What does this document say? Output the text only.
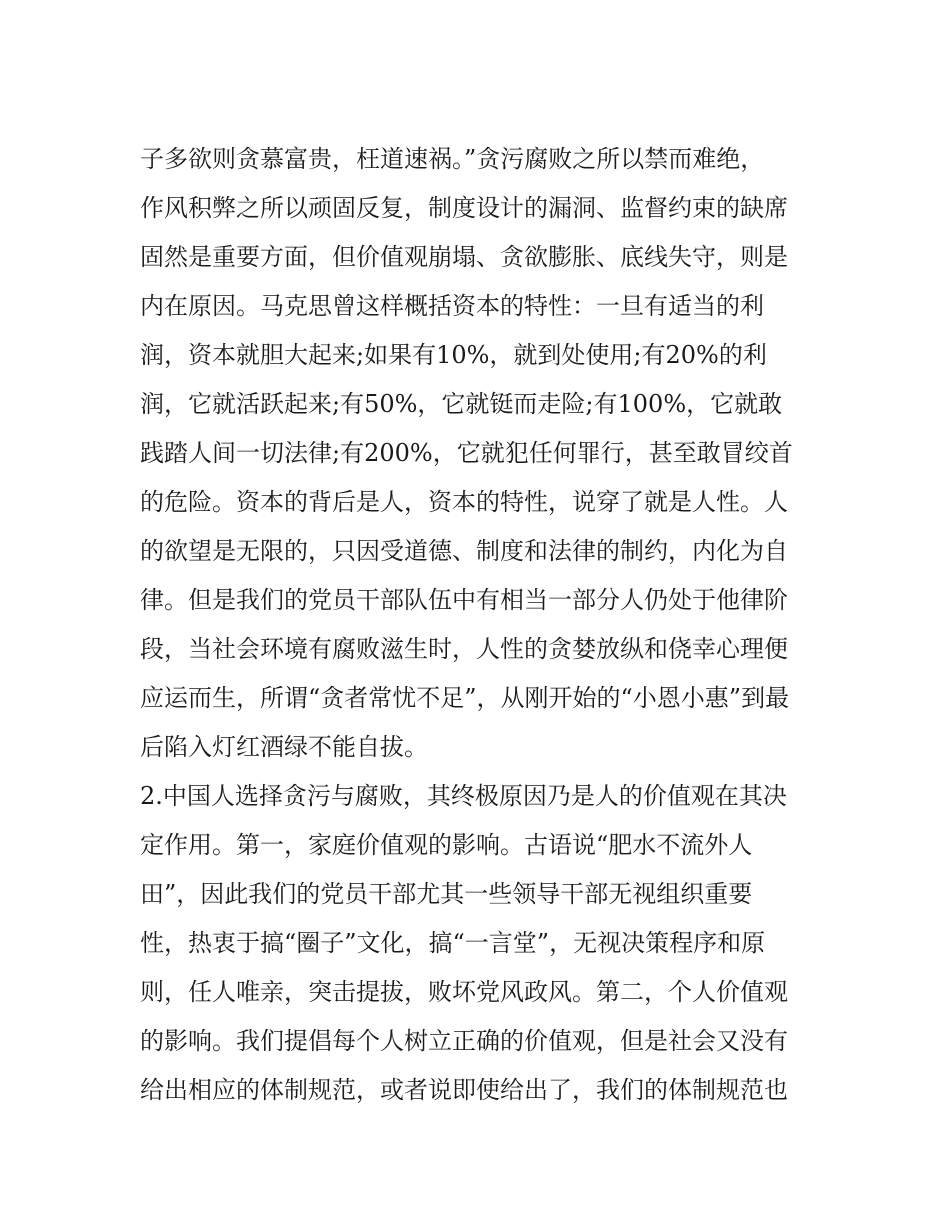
子多欲则贪慕富贵，枉道速祸。”贪污腐败之所以禁而难绝，
作风积弊之所以顽固反复，制度设计的漏洞、监督约束的缺席
固然是重要方面，但价值观崩塌、贪欲膨胀、底线失守，则是
内在原因。马克思曾这样概括资本的特性：一旦有适当的利
润，资本就胆大起来;如果有10%，就到处使用;有20%的利
润，它就活跃起来;有50%，它就铤而走险;有100%，它就敢
践踏人间一切法律;有200%，它就犯任何罪行，甚至敢冒绞首
的危险。资本的背后是人，资本的特性，说穿了就是人性。人
的欲望是无限的，只因受道德、制度和法律的制约，内化为自
律。但是我们的党员干部队伍中有相当一部分人仍处于他律阶
段，当社会环境有腐败滋生时，人性的贪婪放纵和侥幸心理便
应运而生，所谓“贪者常忧不足”，从刚开始的“小恩小惠”到最
后陷入灯红酒绿不能自拔。
2.中国人选择贪污与腐败，其终极原因乃是人的价值观在其决
定作用。第一，家庭价值观的影响。古语说“肥水不流外人
田”，因此我们的党员干部尤其一些领导干部无视组织重要
性，热衷于搞“圈子”文化，搞“一言堂”，无视决策程序和原
则，任人唯亲，突击提拔，败坏党风政风。第二，个人价值观
的影响。我们提倡每个人树立正确的价值观，但是社会又没有
给出相应的体制规范，或者说即使给出了，我们的体制规范也
